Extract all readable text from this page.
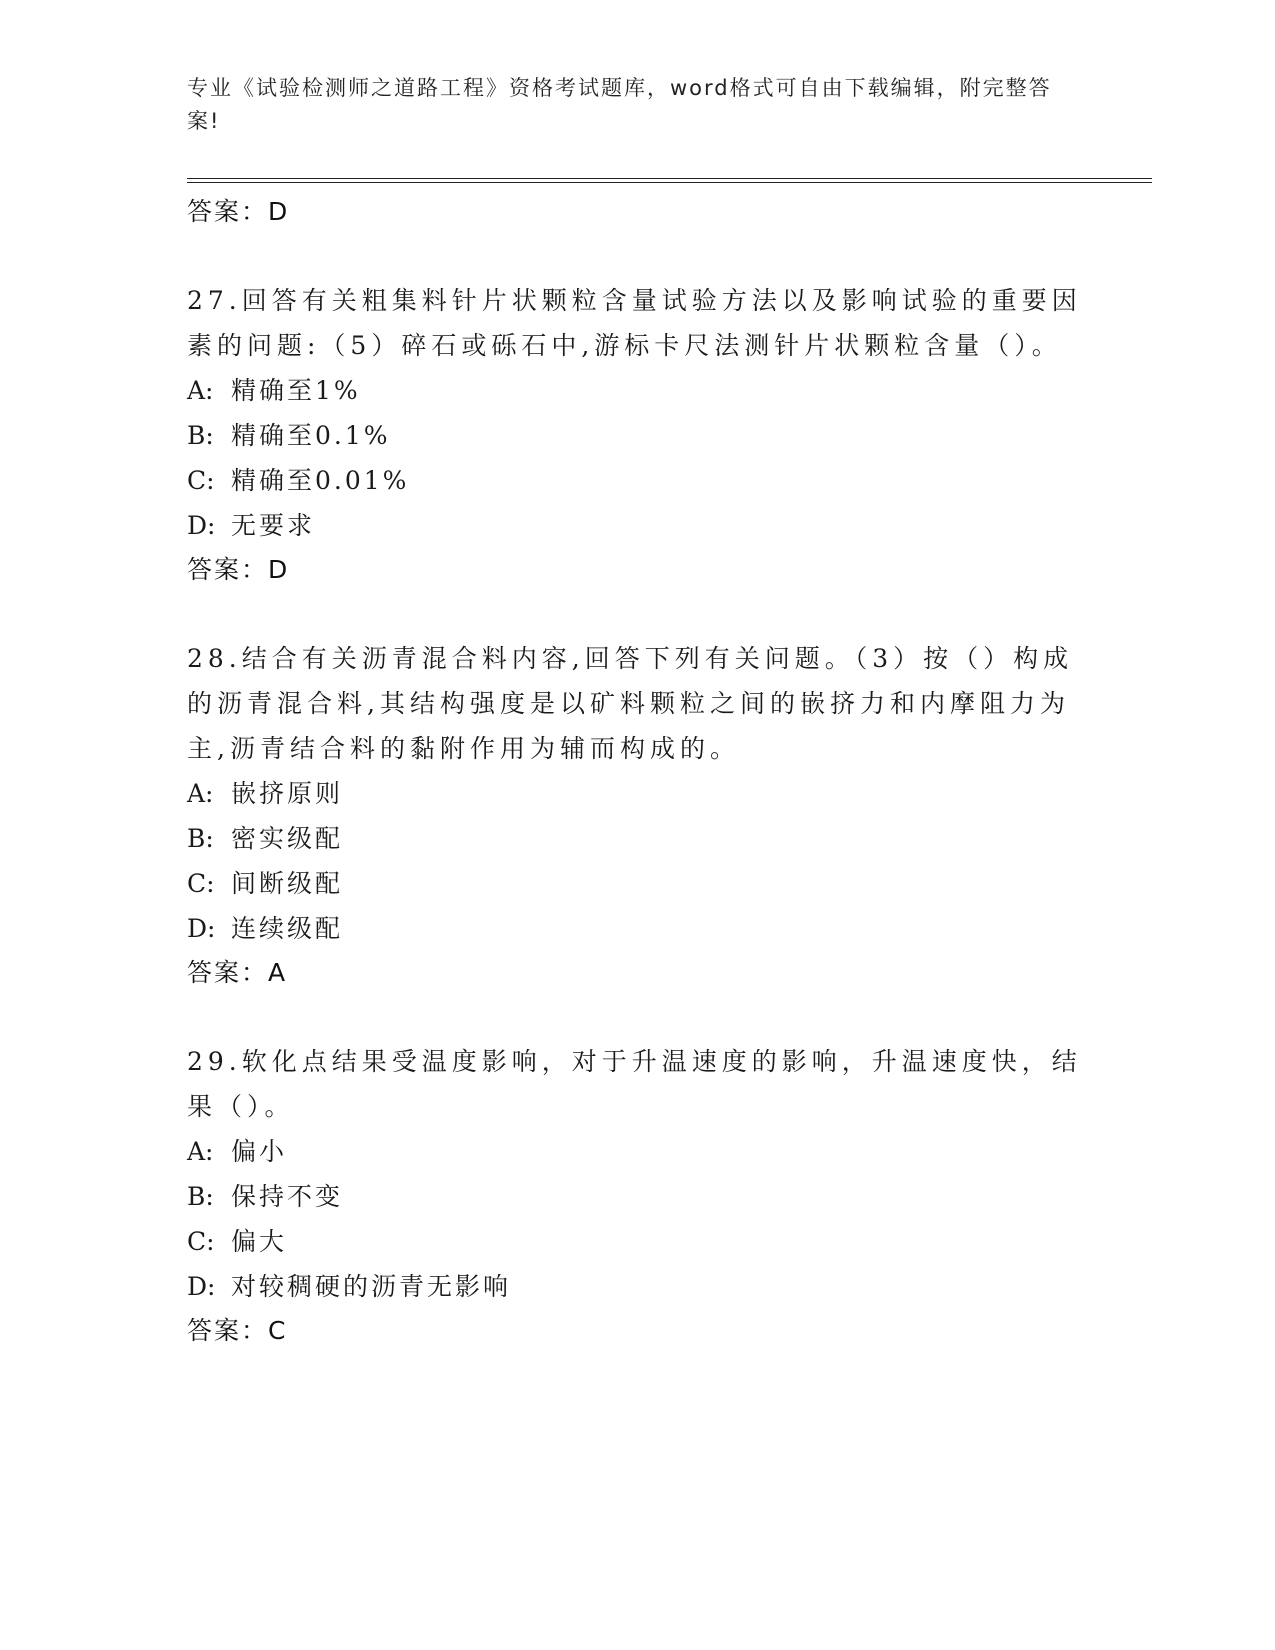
专业《试验检测师之道路工程》资格考试题库，word格式可自由下载编辑，附完整答案!
答案：D
27.回答有关粗集料针片状颗粒含量试验方法以及影响试验的重要因素的问题:（5）碎石或砾石中,游标卡尺法测针片状颗粒含量（）。
A: 精确至1%
B: 精确至0.1%
C: 精确至0.01%
D: 无要求
答案：D
28.结合有关沥青混合料内容,回答下列有关问题。（3）按（）构成的沥青混合料,其结构强度是以矿料颗粒之间的嵌挤力和内摩阻力为主,沥青结合料的黏附作用为辅而构成的。
A: 嵌挤原则
B: 密实级配
C: 间断级配
D: 连续级配
答案：A
29.软化点结果受温度影响，对于升温速度的影响，升温速度快，结果（）。
A: 偏小
B: 保持不变
C: 偏大
D: 对较稠硬的沥青无影响
答案：C
